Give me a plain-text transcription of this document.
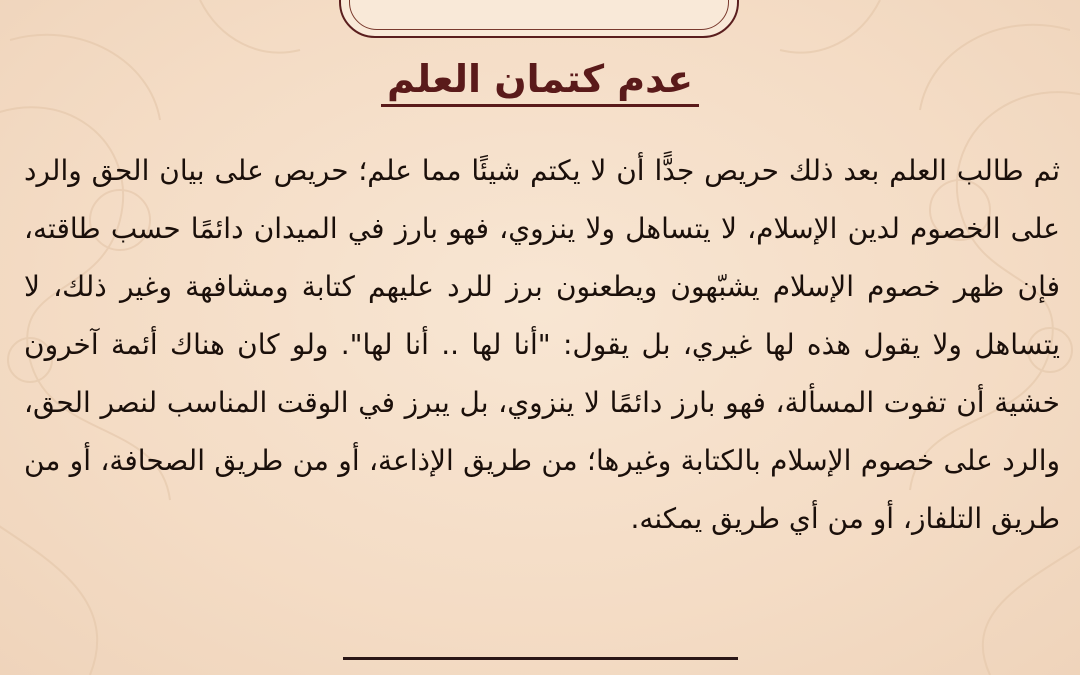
عدم كتمان العلم
ثم طالب العلم بعد ذلك حريص جدًّا أن لا يكتم شيئًا مما علم؛ حريص على بيان الحق والرد على الخصوم لدين الإسلام، لا يتساهل ولا ينزوي، فهو بارز في الميدان دائمًا حسب طاقته، فإن ظهر خصوم الإسلام يشبّهون ويطعنون برز للرد عليهم كتابة ومشافهة وغير ذلك، لا يتساهل ولا يقول هذه لها غيري، بل يقول: "أنا لها .. أنا لها". ولو كان هناك أئمة آخرون خشية أن تفوت المسألة، فهو بارز دائمًا لا ينزوي، بل يبرز في الوقت المناسب لنصر الحق، والرد على خصوم الإسلام بالكتابة وغيرها؛ من طريق الإذاعة، أو من طريق الصحافة، أو من طريق التلفاز، أو من أي طريق يمكنه.
